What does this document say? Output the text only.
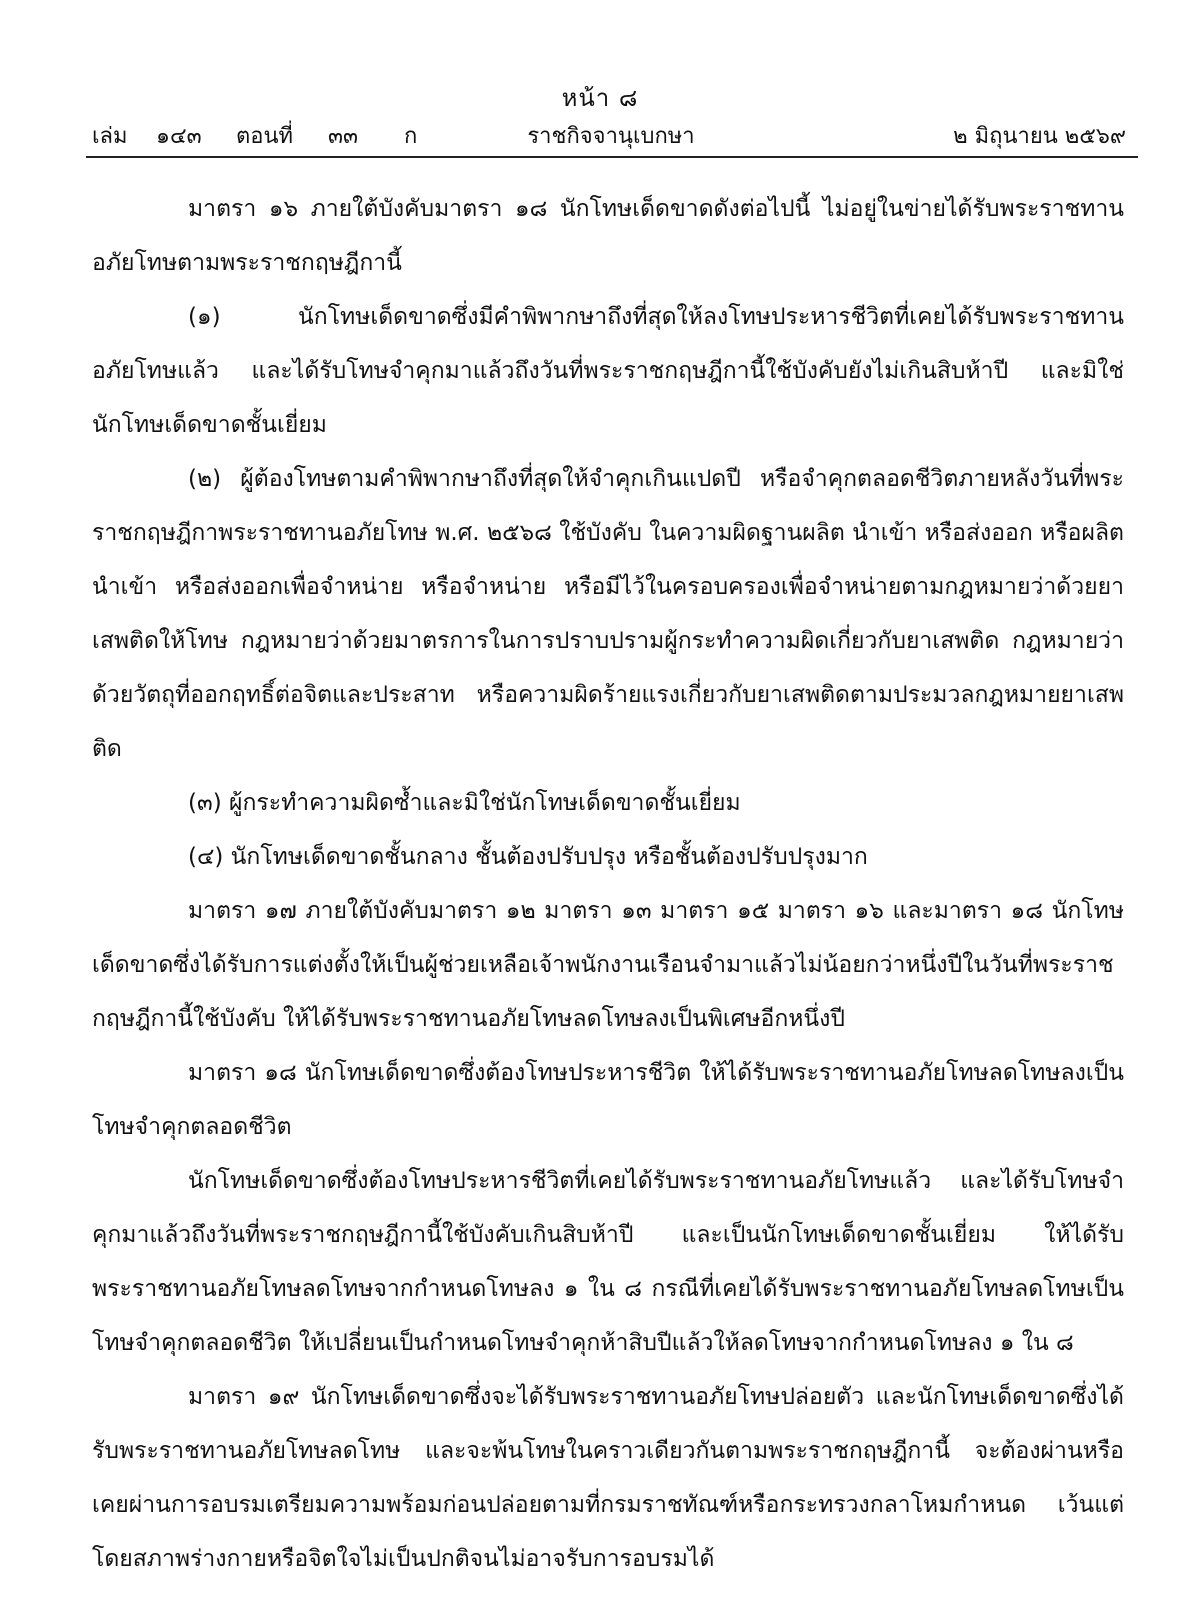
หน้า ๘
เล่ม ๑๔๓ ตอนที่ ๓๓ ก	ราชกิจจานุเบกษา	๒ มิถุนายน ๒๕๖๙

มาตรา ๑๖ ภายใต้บังคับมาตรา ๑๘ นักโทษเด็ดขาดดังต่อไปนี้ ไม่อยู่ในข่ายได้รับพระราชทานอภัยโทษตามพระราชกฤษฎีกานี้

(๑) นักโทษเด็ดขาดซึ่งมีคำพิพากษาถึงที่สุดให้ลงโทษประหารชีวิตที่เคยได้รับพระราชทานอภัยโทษแล้ว และได้รับโทษจำคุกมาแล้วถึงวันที่พระราชกฤษฎีกานี้ใช้บังคับยังไม่เกินสิบห้าปี และมิใช่นักโทษเด็ดขาดชั้นเยี่ยม

(๒) ผู้ต้องโทษตามคำพิพากษาถึงที่สุดให้จำคุกเกินแปดปี หรือจำคุกตลอดชีวิตภายหลังวันที่พระราชกฤษฎีกาพระราชทานอภัยโทษ พ.ศ. ๒๕๖๘ ใช้บังคับ ในความผิดฐานผลิต นำเข้า หรือส่งออก หรือผลิต นำเข้า หรือส่งออกเพื่อจำหน่าย หรือจำหน่าย หรือมีไว้ในครอบครองเพื่อจำหน่ายตามกฎหมายว่าด้วยยาเสพติดให้โทษ กฎหมายว่าด้วยมาตรการในการปราบปรามผู้กระทำความผิดเกี่ยวกับยาเสพติด กฎหมายว่าด้วยวัตถุที่ออกฤทธิ์ต่อจิตและประสาท หรือความผิดร้ายแรงเกี่ยวกับยาเสพติดตามประมวลกฎหมายยาเสพติด

(๓) ผู้กระทำความผิดซ้ำและมิใช่นักโทษเด็ดขาดชั้นเยี่ยม

(๔) นักโทษเด็ดขาดชั้นกลาง ชั้นต้องปรับปรุง หรือชั้นต้องปรับปรุงมาก

มาตรา ๑๗ ภายใต้บังคับมาตรา ๑๒ มาตรา ๑๓ มาตรา ๑๕ มาตรา ๑๖ และมาตรา ๑๘ นักโทษเด็ดขาดซึ่งได้รับการแต่งตั้งให้เป็นผู้ช่วยเหลือเจ้าพนักงานเรือนจำมาแล้วไม่น้อยกว่าหนึ่งปีในวันที่พระราชกฤษฎีกานี้ใช้บังคับ ให้ได้รับพระราชทานอภัยโทษลดโทษลงเป็นพิเศษอีกหนึ่งปี

มาตรา ๑๘ นักโทษเด็ดขาดซึ่งต้องโทษประหารชีวิต ให้ได้รับพระราชทานอภัยโทษลดโทษลงเป็นโทษจำคุกตลอดชีวิต

นักโทษเด็ดขาดซึ่งต้องโทษประหารชีวิตที่เคยได้รับพระราชทานอภัยโทษแล้ว และได้รับโทษจำคุกมาแล้วถึงวันที่พระราชกฤษฎีกานี้ใช้บังคับเกินสิบห้าปี และเป็นนักโทษเด็ดขาดชั้นเยี่ยม ให้ได้รับพระราชทานอภัยโทษลดโทษจากกำหนดโทษลง ๑ ใน ๘ กรณีที่เคยได้รับพระราชทานอภัยโทษลดโทษเป็นโทษจำคุกตลอดชีวิต ให้เปลี่ยนเป็นกำหนดโทษจำคุกห้าสิบปีแล้วให้ลดโทษจากกำหนดโทษลง ๑ ใน ๘

มาตรา ๑๙ นักโทษเด็ดขาดซึ่งจะได้รับพระราชทานอภัยโทษปล่อยตัว และนักโทษเด็ดขาดซึ่งได้รับพระราชทานอภัยโทษลดโทษ และจะพ้นโทษในคราวเดียวกันตามพระราชกฤษฎีกานี้ จะต้องผ่านหรือเคยผ่านการอบรมเตรียมความพร้อมก่อนปล่อยตามที่กรมราชทัณฑ์หรือกระทรวงกลาโหมกำหนด เว้นแต่โดยสภาพร่างกายหรือจิตใจไม่เป็นปกติจนไม่อาจรับการอบรมได้
